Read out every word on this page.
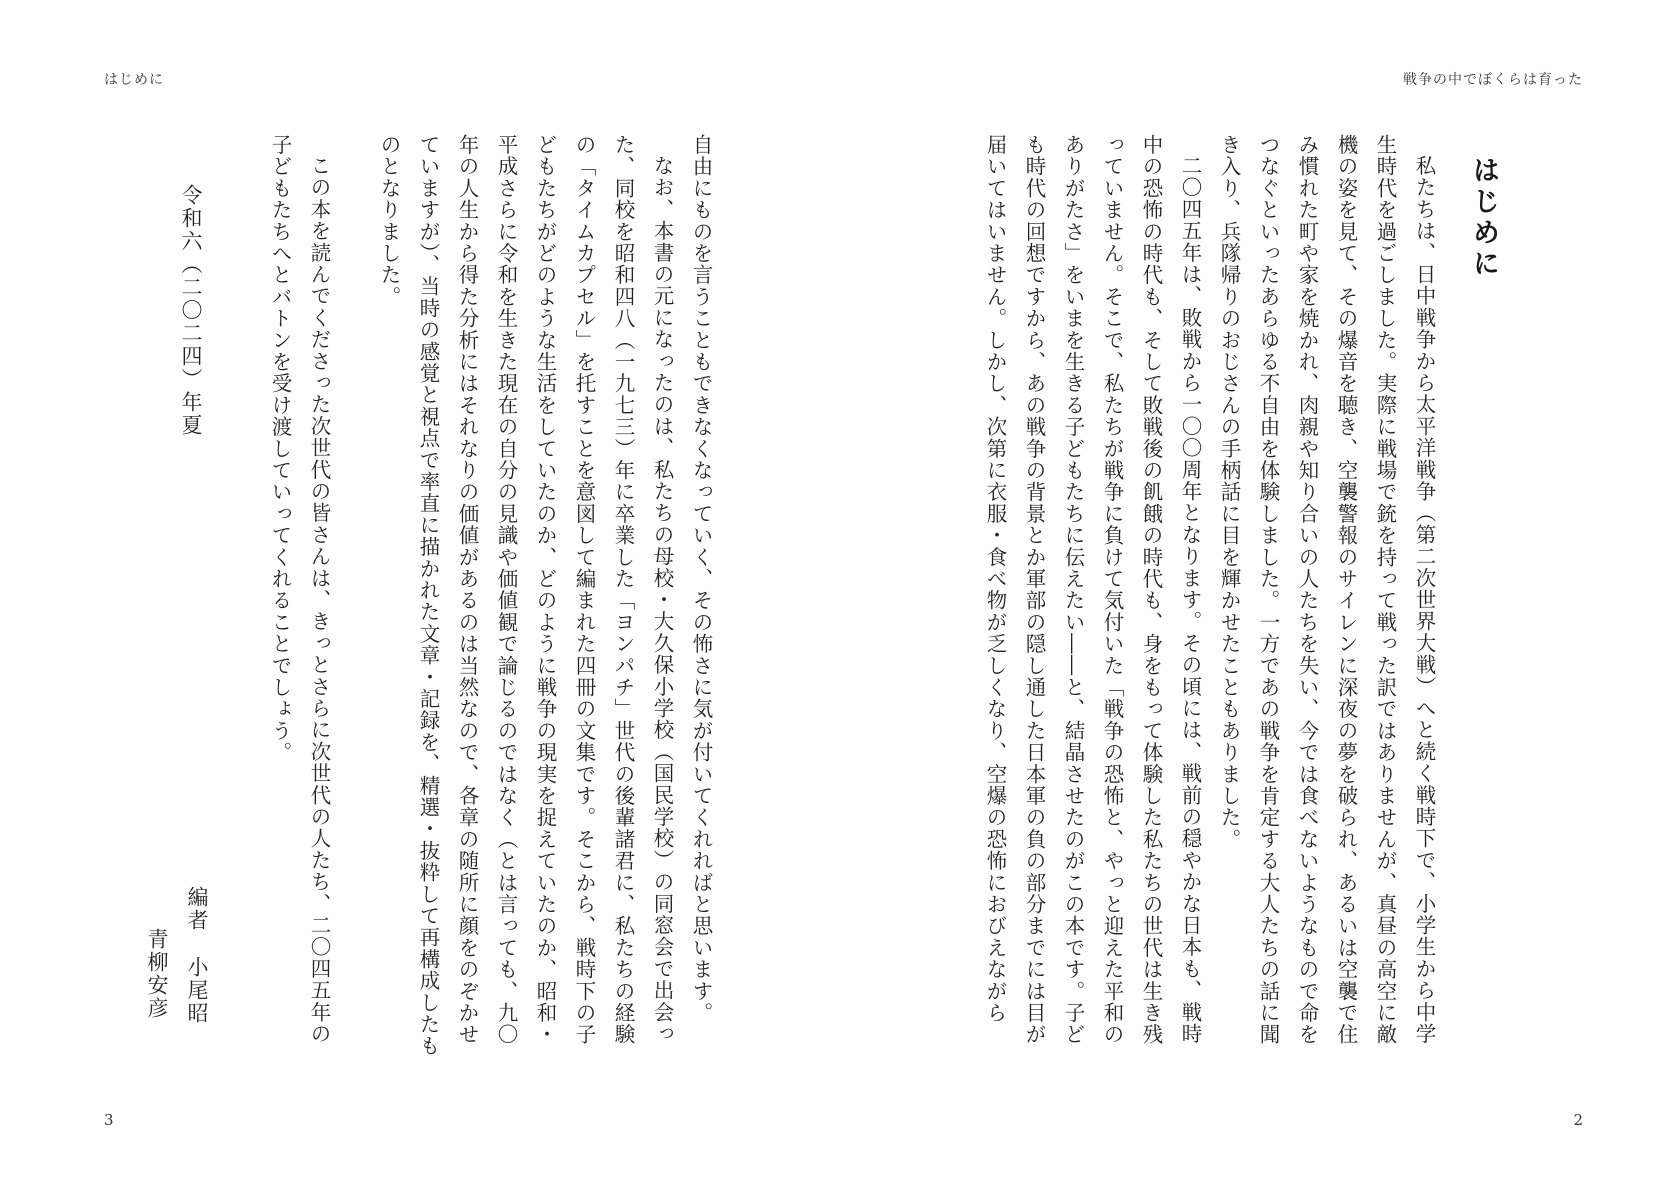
はじめに

自由にものを言うこともできなくなっていく、その怖さに気が付いてくれればと思います。

なお、本書の元になったのは、私たちの母校・大久保小学校（国民学校）の同窓会で出会った、同校を昭和四八（一九七三）年に卒業した「ヨンパチ」世代の後輩諸君に、私たちの経験の「タイムカプセル」を托すことを意図して編まれた四冊の文集です。そこから、戦時下の子どもたちがどのような生活をしていたのか、どのように戦争の現実を捉えていたのか、昭和・平成さらに令和を生きた現在の自分の見識や価値観で論じるのではなく（とは言っても、九〇年の人生から得た分析にはそれなりの価値があるのは当然なので、各章の随所に顔をのぞかせていますが）、当時の感覚と視点で率直に描かれた文章・記録を、精選・抜粋して再構成したものとなりました。

この本を読んでくださった次世代の皆さんは、きっとさらに次世代の人たち、二〇四五年の子どもたちへとバトンを受け渡していってくれることでしょう。

令和六（二〇二四）年夏
編者
小尾昭
青柳安彦
3
戦争の中でぼくらは育った
はじめに

私たちは、日中戦争から太平洋戦争（第二次世界大戦）へと続く戦時下で、小学生から中学生時代を過ごしました。実際に戦場で銃を持って戦った訳ではありませんが、真昼の高空に敵機の姿を見て、その爆音を聴き、空襲警報のサイレンに深夜の夢を破られ、あるいは空襲で住み慣れた町や家を焼かれ、肉親や知り合いの人たちを失い、今では食べないようなもので命をつなぐといったあらゆる不自由を体験しました。一方であの戦争を肯定する大人たちの話に聞き入り、兵隊帰りのおじさんの手柄話に目を輝かせたこともありました。

二〇四五年は、敗戦から一〇〇周年となります。その頃には、戦前の穏やかな日本も、戦時中の恐怖の時代も、そして敗戦後の飢餓の時代も、身をもって体験した私たちの世代は生き残っていません。そこで、私たちが戦争に負けて気付いた「戦争の恐怖と、やっと迎えた平和のありがたさ」をいまを生きる子どもたちに伝えたい――と、結晶させたのがこの本です。子ども時代の回想ですから、あの戦争の背景とか軍部の隠し通した日本軍の負の部分までには目が届いてはいません。しかし、次第に衣服・食べ物が乏しくなり、空爆の恐怖におびえながら

2
